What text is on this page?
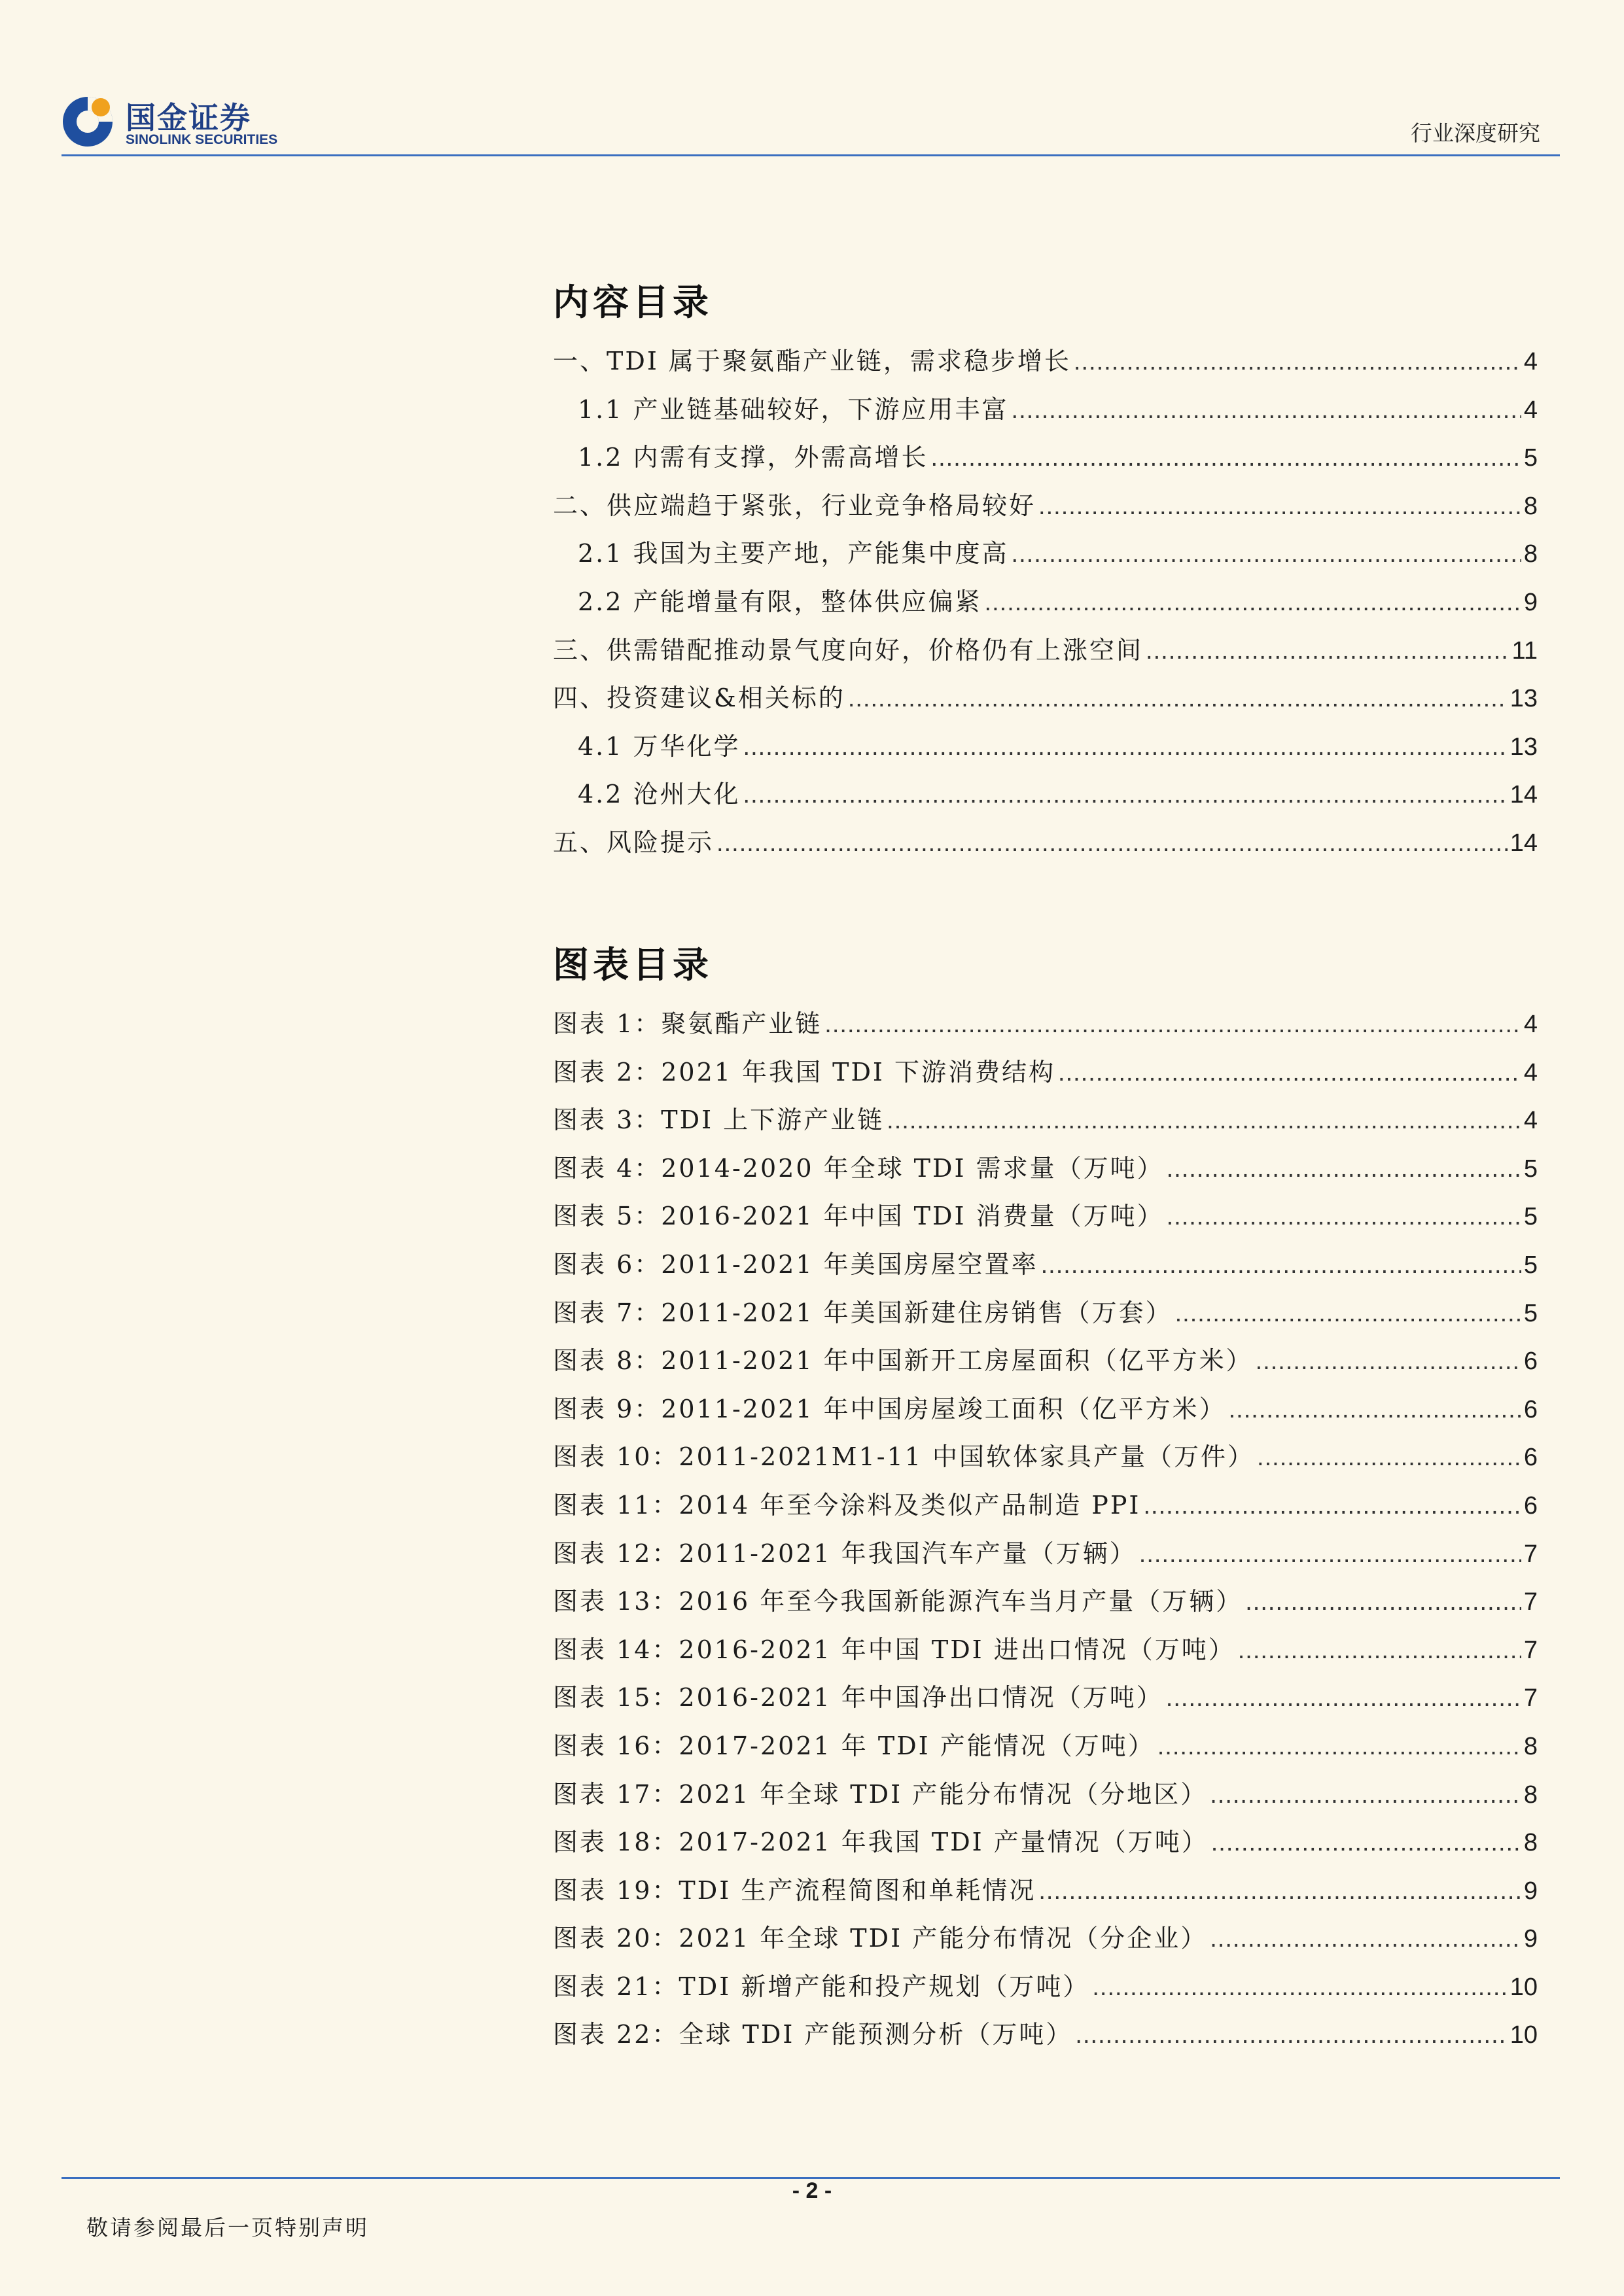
国金证券
SINOLINK SECURITIES	行业深度研究
内容目录
一、TDI 属于聚氨酯产业链，需求稳步增长 .....	4
1.1 产业链基础较好，下游应用丰富 .....	4
1.2 内需有支撑，外需高增长 .....	5
二、供应端趋于紧张，行业竞争格局较好 .....	8
2.1 我国为主要产地，产能集中度高 .....	8
2.2 产能增量有限，整体供应偏紧 .....	9
三、供需错配推动景气度向好，价格仍有上涨空间 .....	11
四、投资建议&相关标的 .....	13
4.1 万华化学 .....	13
4.2 沧州大化 .....	14
五、风险提示 .....	14
图表目录
图表 1：聚氨酯产业链 .....	4
图表 2：2021 年我国 TDI 下游消费结构 .....	4
图表 3：TDI 上下游产业链 .....	4
图表 4：2014-2020 年全球 TDI 需求量（万吨） .....	5
图表 5：2016-2021 年中国 TDI 消费量（万吨） .....	5
图表 6：2011-2021 年美国房屋空置率 .....	5
图表 7：2011-2021 年美国新建住房销售（万套） .....	5
图表 8：2011-2021 年中国新开工房屋面积（亿平方米） .....	6
图表 9：2011-2021 年中国房屋竣工面积（亿平方米） .....	6
图表 10：2011-2021M1-11 中国软体家具产量（万件） .....	6
图表 11：2014 年至今涂料及类似产品制造 PPI .....	6
图表 12：2011-2021 年我国汽车产量（万辆） .....	7
图表 13：2016 年至今我国新能源汽车当月产量（万辆） .....	7
图表 14：2016-2021 年中国 TDI 进出口情况（万吨） .....	7
图表 15：2016-2021 年中国净出口情况（万吨） .....	7
图表 16：2017-2021 年 TDI 产能情况（万吨） .....	8
图表 17：2021 年全球 TDI 产能分布情况（分地区） .....	8
图表 18：2017-2021 年我国 TDI 产量情况（万吨） .....	8
图表 19：TDI 生产流程简图和单耗情况 .....	9
图表 20：2021 年全球 TDI 产能分布情况（分企业） .....	9
图表 21：TDI 新增产能和投产规划（万吨） .....	10
图表 22：全球 TDI 产能预测分析（万吨） .....	10
- 2 -
敬请参阅最后一页特别声明
